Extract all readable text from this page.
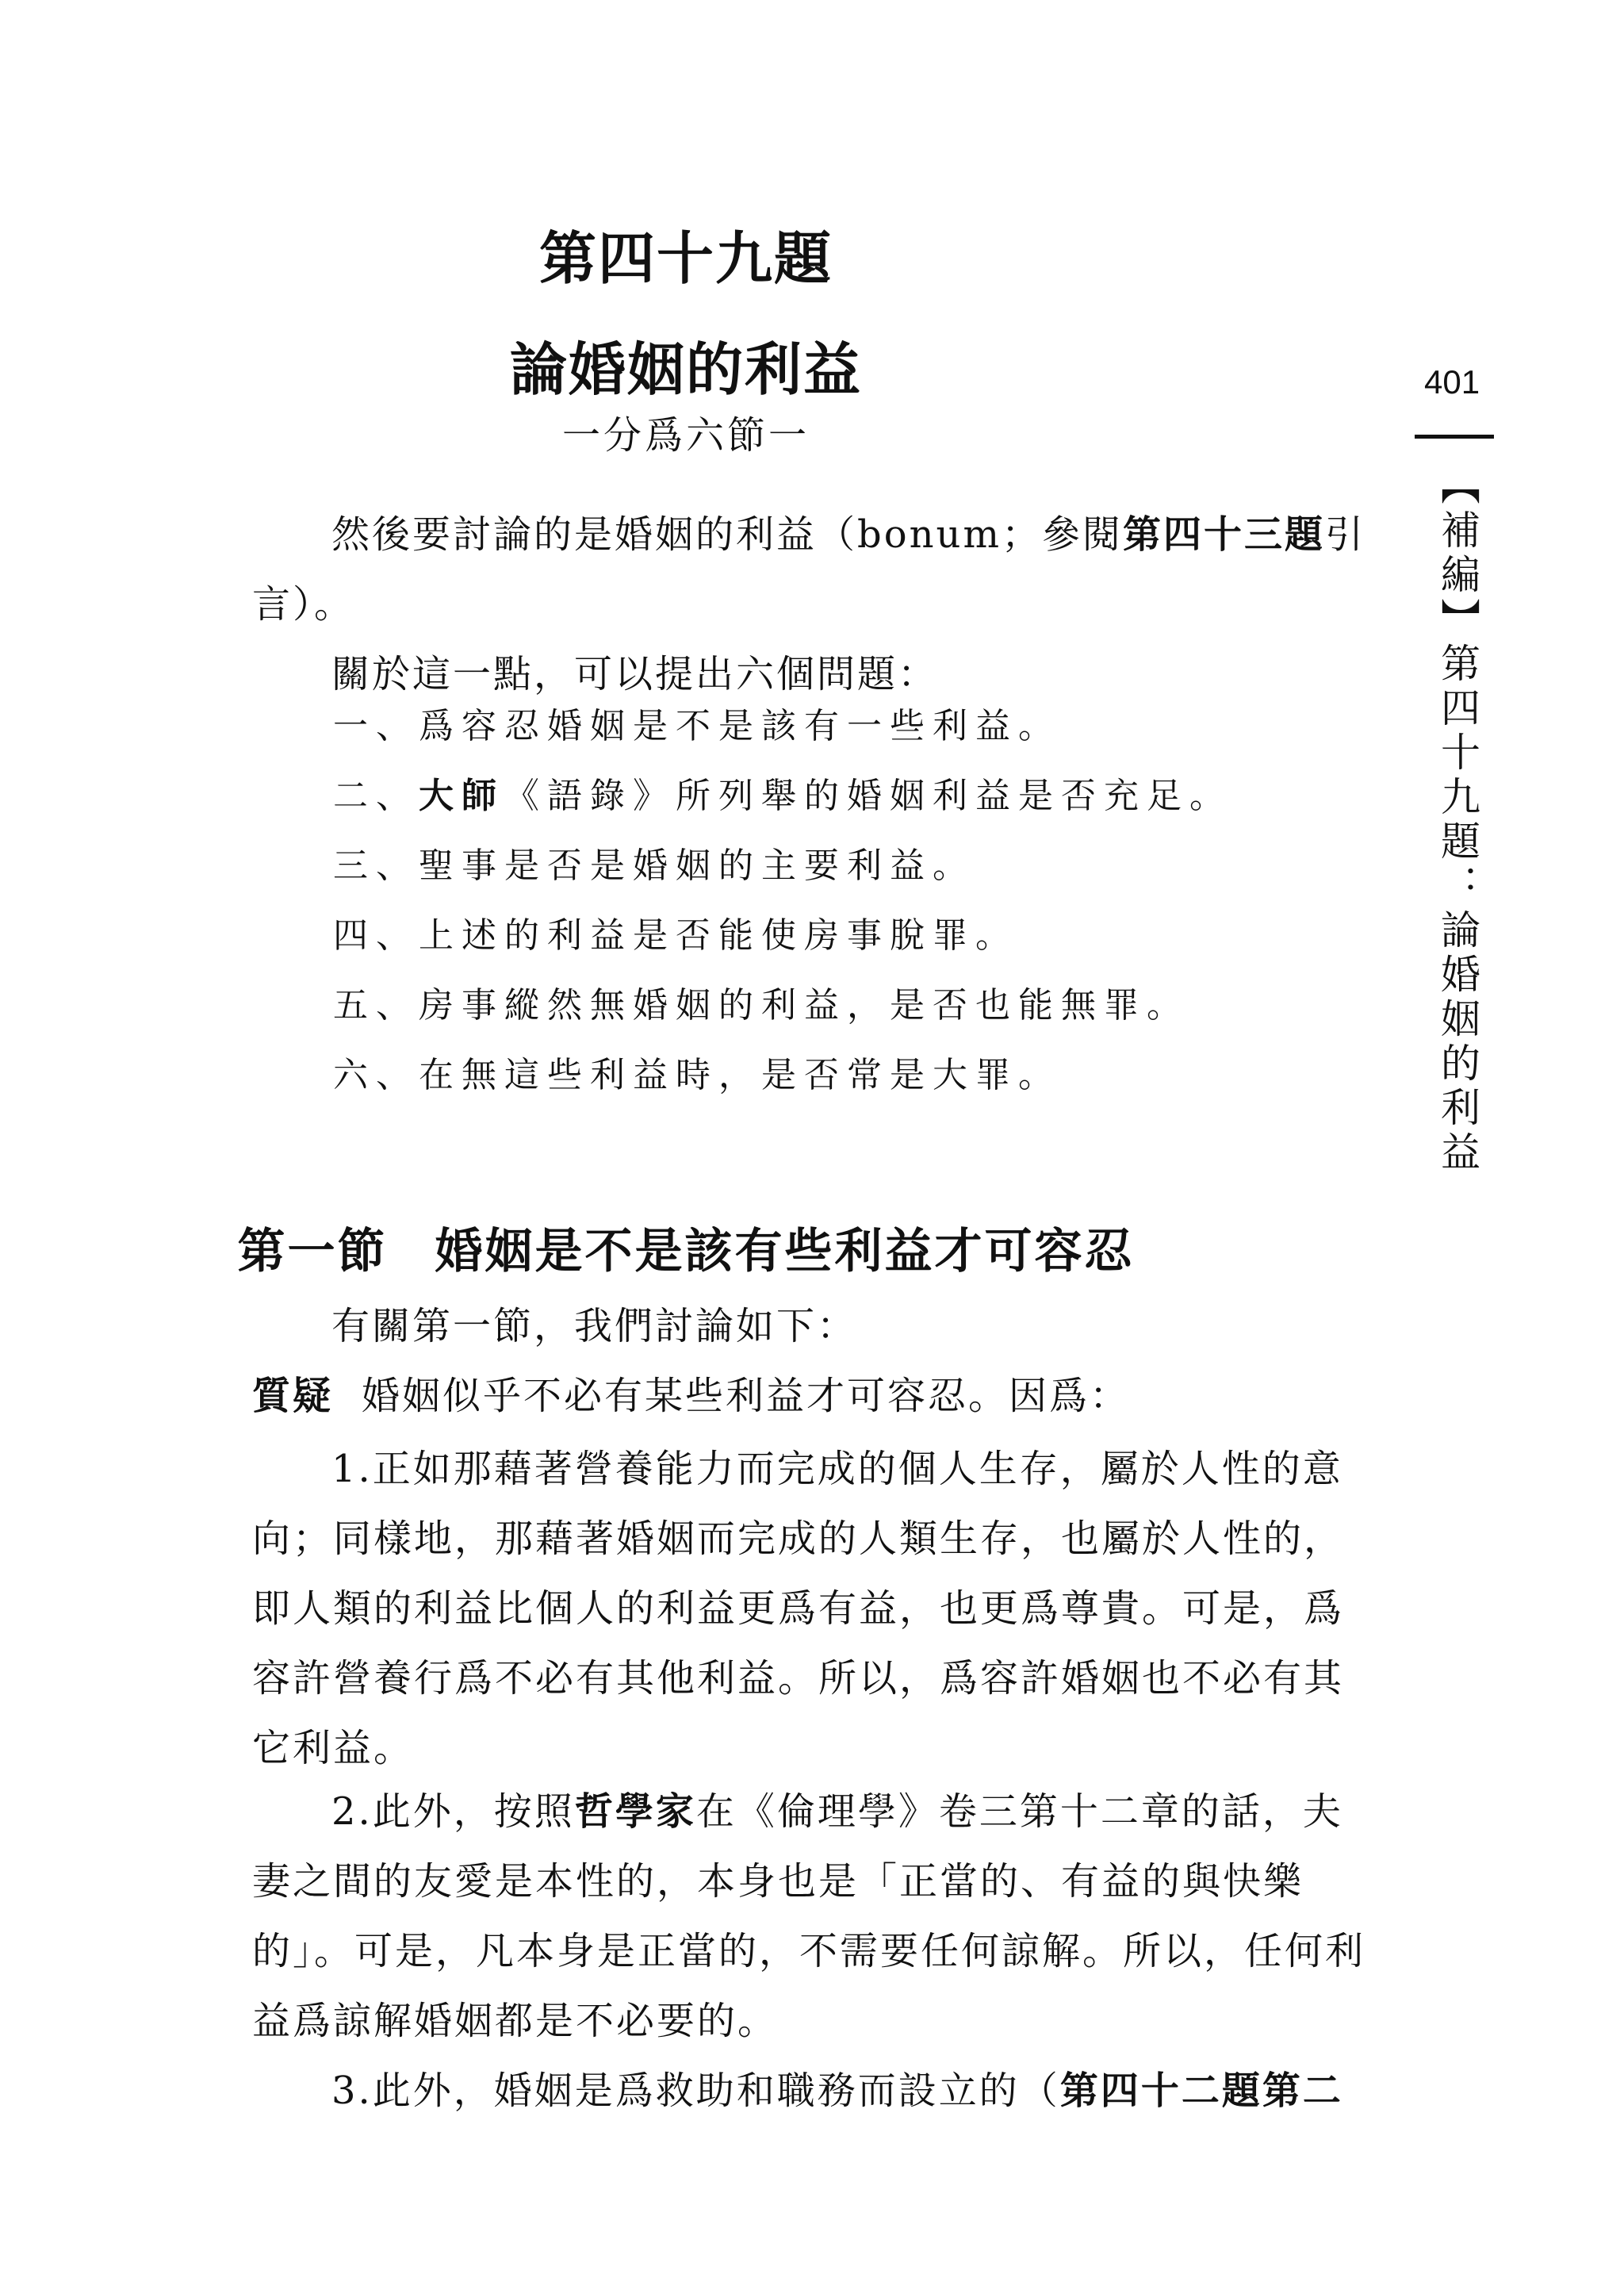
第四十九題
論婚姻的利益
一分爲六節一
401
【補編】第四十九題：論婚姻的利益
然後要討論的是婚姻的利益（bonum；參閱第四十三題引言）。
關於這一點，可以提出六個問題：
一、爲容忍婚姻是不是該有一些利益。
二、大師《語錄》所列舉的婚姻利益是否充足。
三、聖事是否是婚姻的主要利益。
四、上述的利益是否能使房事脫罪。
五、房事縱然無婚姻的利益，是否也能無罪。
六、在無這些利益時，是否常是大罪。
第一節 婚姻是不是該有些利益才可容忍
有關第一節，我們討論如下：
質疑 婚姻似乎不必有某些利益才可容忍。因爲：
1.正如那藉著營養能力而完成的個人生存，屬於人性的意向；同樣地，那藉著婚姻而完成的人類生存，也屬於人性的，即人類的利益比個人的利益更爲有益，也更爲尊貴。可是，爲容許營養行爲不必有其他利益。所以，爲容許婚姻也不必有其它利益。
2.此外，按照哲學家在《倫理學》卷三第十二章的話，夫妻之間的友愛是本性的，本身也是「正當的、有益的與快樂的」。可是，凡本身是正當的，不需要任何諒解。所以，任何利益爲諒解婚姻都是不必要的。
3.此外，婚姻是爲救助和職務而設立的（第四十二題第二
